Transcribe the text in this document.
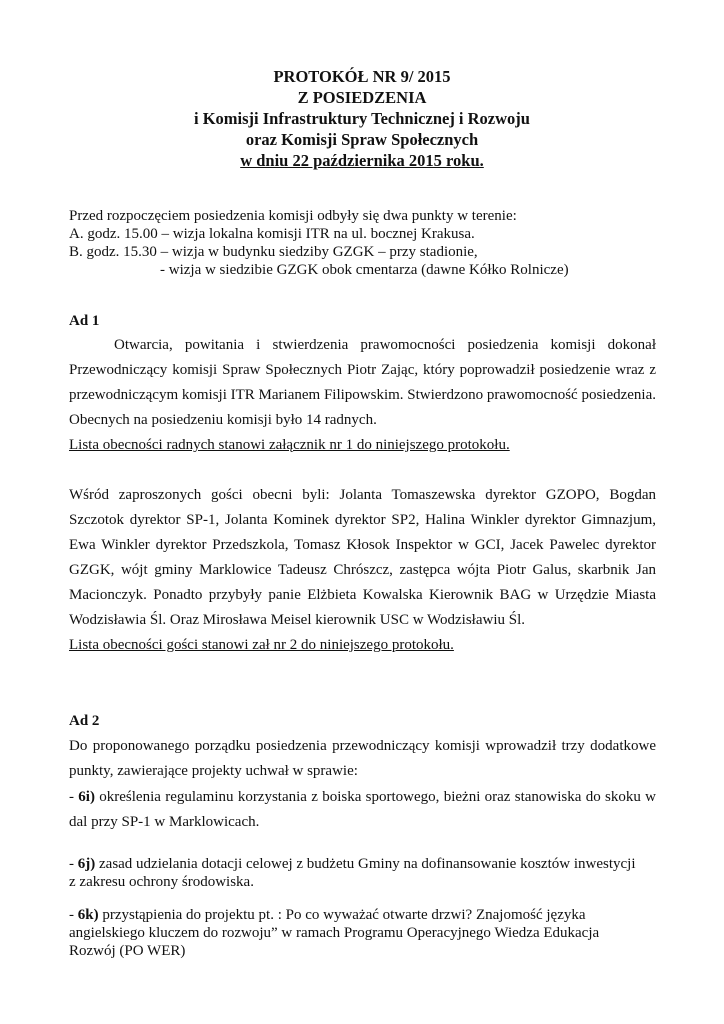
PROTOKÓŁ NR 9/ 2015
Z POSIEDZENIA
i Komisji Infrastruktury Technicznej i Rozwoju
oraz Komisji Spraw Społecznych
w dniu 22 października 2015 roku.
Przed rozpoczęciem posiedzenia komisji odbyły się dwa punkty w terenie:
A. godz. 15.00 – wizja lokalna komisji ITR na ul. bocznej Krakusa.
B. godz. 15.30 – wizja w budynku siedziby GZGK – przy stadionie,
- wizja w siedzibie GZGK obok cmentarza (dawne Kółko Rolnicze)
Ad 1
Otwarcia, powitania i stwierdzenia prawomocności posiedzenia komisji dokonał Przewodniczący komisji Spraw Społecznych Piotr Zając, który poprowadził posiedzenie wraz z przewodniczącym komisji ITR Marianem Filipowskim. Stwierdzono prawomocność posiedzenia. Obecnych na posiedzeniu komisji było 14 radnych.
Lista obecności radnych stanowi załącznik nr 1 do niniejszego protokołu.
Wśród zaproszonych gości obecni byli: Jolanta Tomaszewska dyrektor GZOPO, Bogdan Szczotok dyrektor SP-1, Jolanta Kominek dyrektor SP2, Halina Winkler dyrektor Gimnazjum, Ewa Winkler dyrektor Przedszkola, Tomasz Kłosok Inspektor w GCI, Jacek Pawelec dyrektor GZGK, wójt gminy Marklowice Tadeusz Chrószcz, zastępca wójta Piotr Galus, skarbnik Jan Macionczyk. Ponadto przybyły panie Elżbieta Kowalska Kierownik BAG w Urzędzie Miasta Wodzisławia Śl. Oraz Mirosława Meisel kierownik USC w Wodzisławiu Śl.
Lista obecności gości stanowi zał nr 2 do niniejszego protokołu.
Ad 2
Do proponowanego porządku posiedzenia przewodniczący komisji wprowadził trzy dodatkowe punkty, zawierające projekty uchwał w sprawie:
- 6i) określenia regulaminu korzystania z boiska sportowego, bieżni oraz stanowiska do skoku w dal przy SP-1 w Marklowicach.
- 6j) zasad udzielania dotacji celowej z budżetu Gminy na dofinansowanie kosztów inwestycji z zakresu ochrony środowiska.
- 6k) przystąpienia do projektu pt. : Po co wyważać otwarte drzwi? Znajomość języka angielskiego kluczem do rozwoju” w ramach Programu Operacyjnego Wiedza Edukacja Rozwój (PO WER)
